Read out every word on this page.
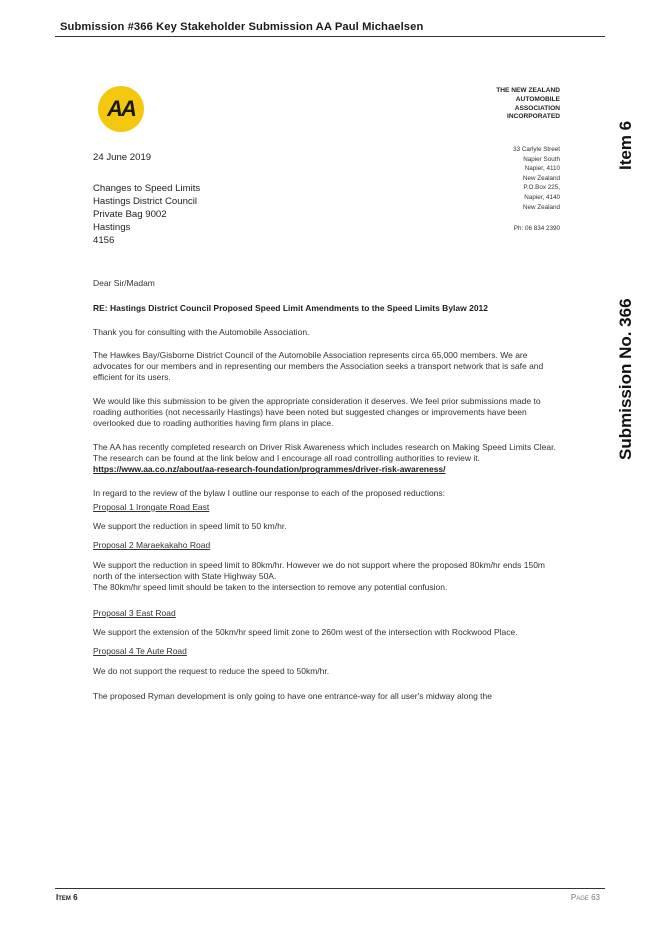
Submission #366 Key Stakeholder Submission AA Paul Michaelsen
AA
THE NEW ZEALAND
AUTOMOBILE
ASSOCIATION
INCORPORATED
33 Carlyle Street
Napier South
Napier, 4110
New Zealand
P.O.Box 225,
Napier, 4140
New Zealand
Ph: 06 834 2390
Item 6
Submission No. 366
24 June 2019
Changes to Speed Limits
Hastings District Council
Private Bag 9002
Hastings
4156

Dear Sir/Madam

RE: Hastings District Council Proposed Speed Limit Amendments to the Speed Limits Bylaw 2012

Thank you for consulting with the Automobile Association.

The Hawkes Bay/Gisborne District Council of the Automobile Association represents circa 65,000 members. We are advocates for our members and in representing our members the Association seeks a transport network that is safe and efficient for its users.

We would like this submission to be given the appropriate consideration it deserves. We feel prior submissions made to roading authorities (not necessarily Hastings) have been noted but suggested changes or improvements have been overlooked due to roading authorities having firm plans in place.

The AA has recently completed research on Driver Risk Awareness which includes research on Making Speed Limits Clear. The research can be found at the link below and I encourage all road controlling authorities to review it.

https://www.aa.co.nz/about/aa-research-foundation/programmes/driver-risk-awareness/

In regard to the review of the bylaw I outline our response to each of the proposed reductions:

Proposal 1 Irongate Road East

We support the reduction in speed limit to 50 km/hr.

Proposal 2 Maraekakaho Road

We support the reduction in speed limit to 80km/hr. However we do not support where the proposed 80km/hr ends 150m north of the intersection with State Highway 50A.

The 80km/hr speed limit should be taken to the intersection to remove any potential confusion.

Proposal 3 East Road

We support the extension of the 50km/hr speed limit zone to 260m west of the intersection with Rockwood Place.

Proposal 4 Te Aute Road

We do not support the request to reduce the speed to 50km/hr.

The proposed Ryman development is only going to have one entrance-way for all user's midway along the

Item 6	Page 63
